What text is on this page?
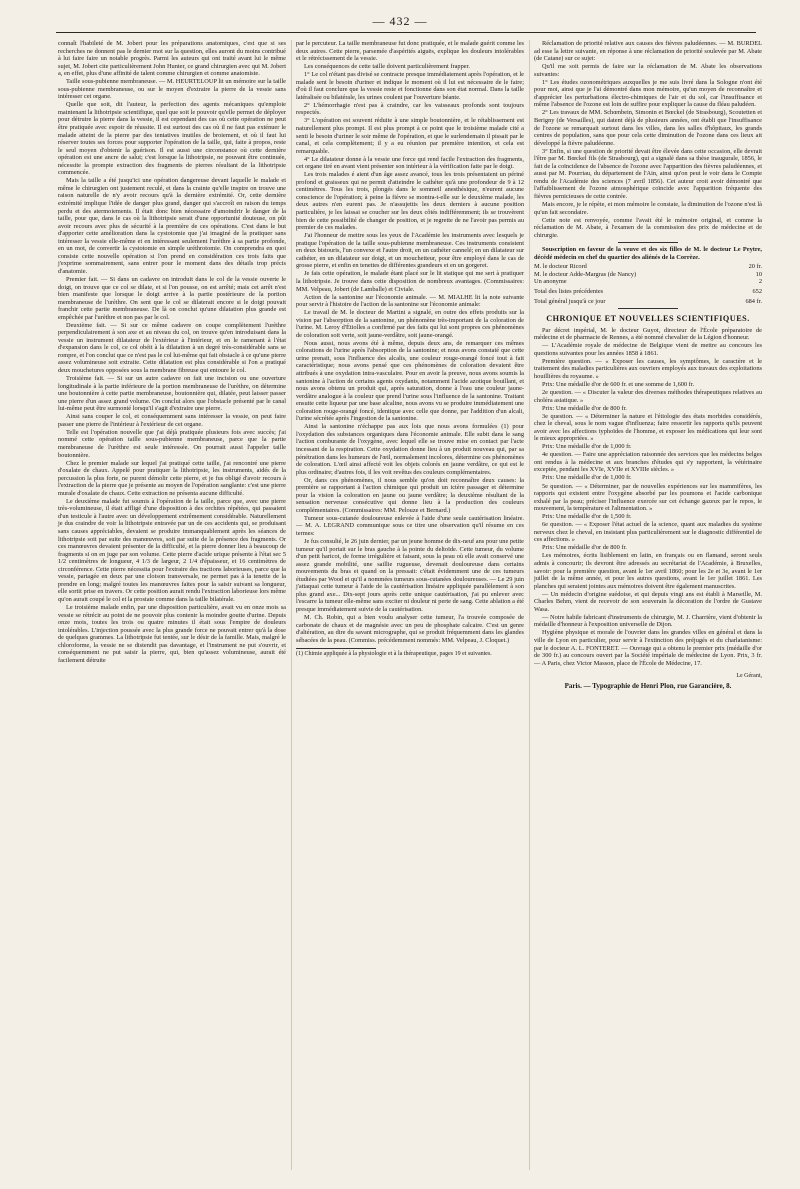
— 432 —

connaît l'habileté de M. Jobert pour les préparations anatomiques, c'est que si ses recherches ne donnent pas le dernier mot sur la question, elles auront du moins contribué à lui faire faire un notable progrès. Parmi les auteurs qui ont traité avant lui le même sujet, M. Jobert cite particulièrement John Hunter, ce grand chirurgien avec qui M. Jobert a, en effet, plus d'une affinité de talent comme chirurgien et comme anatomiste.

Taille sous-pubienne membraneuse. — M. HEURTELOUP lit un mémoire sur la taille sous-pubienne membraneuse, ou sur le moyen d'extraire la pierre de la vessie sans intéresser cet organe.

Quelle que soit, dit l'auteur, la perfection des agents mécaniques qu'emploie maintenant la lithotripsie scientifique, quel que soit le pouvoir qu'elle permet de déployer pour détruire la pierre dans la vessie, il est cependant des cas où cette opération ne peut être pratiquée avec espoir de réussite. Il est surtout des cas où il ne faut pas exténuer le malade atteint de la pierre par des tentatives inutiles de broiement, et où il faut lui réserver toutes ses forces pour supporter l'opération de la taille, qui, faite à propos, reste le seul moyen d'obtenir la guérison. Il est aussi une circonstance où cette dernière opération est une ancre de salut; c'est lorsque la lithotripsie, ne pouvant être continuée, nécessite la prompte extraction des fragments de pierres résultant de la lithotripsie commencée.

Mais la taille a été jusqu'ici une opération dangereuse devant laquelle le malade et même le chirurgien ont justement reculé, et dans la crainte qu'elle inspire on trouve une raison naturelle de n'y avoir recours qu'à la dernière extrémité. Or, cette dernière extrémité implique l'idée de danger plus grand, danger qui s'accroît en raison du temps perdu et des atermoiements. Il était donc bien nécessaire d'amoindrir le danger de la taille, pour que, dans le cas où la lithotripsie serait d'une opportunité douteuse, on pût avoir recours avec plus de sécurité à la première de ces opérations. C'est dans le but d'apporter cette amélioration dans la cystotomie que j'ai imaginé de la pratiquer sans intéresser la vessie elle-même et en intéressant seulement l'urèthre à sa partie profonde, en un mot, de convertir la cystotomie en simple uréthrotomie. On comprendra en quoi consiste cette nouvelle opération si l'on prend en considération ces trois faits que j'exprime sommairement, sans entrer pour le moment dans des détails trop précis d'anatomie.

Premier fait. — Si dans un cadavre on introduit dans le col de la vessie ouverte le doigt, on trouve que ce col se dilate, et si l'on pousse, on est arrêté; mais cet arrêt n'est bien manifeste que lorsque le doigt arrive à la partie postérieure de la portion membraneuse de l'urèthre. On sent que le col se dilaterait encore si le doigt pouvait franchir cette partie membraneuse. De là on conclut qu'une dilatation plus grande est empêchée par l'urèthre et non pas par le col.

Deuxième fait. — Si sur ce même cadavre on coupe complètement l'urèthre perpendiculairement à son axe et au niveau du col, on trouve qu'en introduisant dans la vessie un instrument dilatateur de l'extérieur à l'intérieur, et en le ramenant à l'état d'expansion dans le col, ce col obéit à la dilatation à un degré très-considérable sans se rompre, et l'on conclut que ce n'est pas le col lui-même qui fait obstacle à ce qu'une pierre assez volumineuse soit extraite. Cette dilatation est plus considérable si l'on a pratiqué deux mouchetures opposées sous la membrane fibreuse qui entoure le col.

Troisième fait. — Si sur un autre cadavre on fait une incision ou une ouverture longitudinale à la partie inférieure de la portion membraneuse de l'urèthre, on détermine une boutonnière à cette partie membraneuse, boutonnière qui, dilatée, peut laisser passer une pierre d'un assez grand volume. On conclut alors que l'obstacle présenté par le canal lui-même peut être surmonté lorsqu'il s'agit d'extraire une pierre.

Ainsi sans couper le col, et conséquemment sans intéresser la vessie, on peut faire passer une pierre de l'intérieur à l'extérieur de cet organe.

Telle est l'opération nouvelle que j'ai déjà pratiquée plusieurs fois avec succès; j'ai nommé cette opération taille sous-pubienne membraneuse, parce que la partie membraneuse de l'urèthre est seule intéressée. On pourrait aussi l'appeler taille boutonnière.

Chez le premier malade sur lequel j'ai pratiqué cette taille, j'ai rencontré une pierre d'oxalate de chaux. Appelé pour pratiquer la lithotripsie, les instruments, aidés de la percussion la plus forte, ne purent démolir cette pierre, et je fus obligé d'avoir recours à l'extraction de la pierre que je présente au moyen de l'opération sanglante: c'est une pierre murale d'oxalate de chaux. Cette extraction ne présenta aucune difficulté.

Le deuxième malade fut soumis à l'opération de la taille, parce que, avec une pierre très-volumineuse, il était affligé d'une disposition à des orchites répétées, qui passaient d'un testicule à l'autre avec un développement extrêmement considérable. Naturellement je dus craindre de voir la lithotripsie entravée par un de ces accidents qui, se produisant sans causes appréciables, devaient se produire immanquablement après les séances de lithotripsie soit par suite des manœuvres, soit par suite de la présence des fragments. Or ces manœuvres devaient présenter de la difficulté, et la pierre donner lieu à beaucoup de fragments si on en juge par son volume. Cette pierre d'acide urique présente à l'état sec 5 1/2 centimètres de longueur, 4 1/3 de largeur, 2 1/4 d'épaisseur, et 16 centimètres de circonférence. Cette pierre nécessita pour l'extraire des tractions laborieuses, parce que la vessie, partagée en deux par une cloison transversale, ne permet pas à la tenette de la prendre en long; malgré toutes les manœuvres faites pour la saisir suivant sa longueur, elle sortit prise en travers. Or cette position aurait rendu l'extraction laborieuse lors même qu'on aurait coupé le col et la prostate comme dans la taille bilatérale.

Le troisième malade enfin, par une disposition particulière, avait vu en onze mois sa vessie se rétrécir au point de ne pouvoir plus contenir la moindre goutte d'urine. Depuis onze mois, toutes les trois ou quatre minutes il était sous l'empire de douleurs intolérables. L'injection poussée avec la plus grande force ne pouvait entrer qu'à la dose de quelques grammes. La lithotripsie fut tentée, sur le désir de la famille. Mais, malgré le chloroforme, la vessie ne se distendit pas davantage, et l'instrument ne put s'ouvrir, et conséquemment ne put saisir la pierre, qui, bien qu'assez volumineuse, aurait été facilement détruite

par le percuteur. La taille membraneuse fut donc pratiquée, et le malade guérit comme les deux autres. Cette pierre, parsemée d'aspérités aiguës, explique les douleurs intolérables et le rétrécissement de la vessie.

Les conséquences de cette taille doivent particulièrement frapper.

1° Le col n'étant pas divisé se contracte presque immédiatement après l'opération, et le malade sent le besoin d'uriner et indique le moment où il lui est nécessaire de le faire; d'où il faut conclure que la vessie reste et fonctionne dans son état normal. Dans la taille latéralisée ou bilatérale, les urines coulent par l'ouverture béante.

2° L'hémorrhagie n'est pas à craindre, car les vaisseaux profonds sont toujours respectés.

3° L'opération est souvent réduite à une simple boutonnière, et le rétablissement est naturellement plus prompt. Il est plus prompt à ce point que le troisième malade cité a senti le besoin d'uriner le soir même de l'opération, et que le surlendemain il pissait par le canal, et cela complètement; il y a eu réunion par première intention, et cela est remarquable.

4° Le dilatateur donne à la vessie une force qui rend facile l'extraction des fragments, cet organe tiré en avant vient présenter son intérieur à la vérification faite par le doigt.

Les trois malades é aient d'un âge assez avancé, tous les trois présentaient un périné profond et graisseux qui ne permit d'atteindre le cathéter qu'à une profondeur de 9 à 12 centimètres. Tous les trois, plongés dans le sommeil anesthésique, n'eurent aucune conscience de l'opération; à peine la fièvre se montra-t-elle sur le deuxième malade, les deux autres n'en eurent pas. Je n'assujettis les deux derniers à aucune position particulière, je les laissai se coucher sur les deux côtés indifféremment; ils se trouvèrent bien de cette possibilité de changer de position, et je regrette de ne l'avoir pas permis au premier de ces malades.

J'ai l'honneur de mettre sous les yeux de l'Académie les instruments avec lesquels je pratique l'opération de la taille sous-pubienne membraneuse. Ces instruments consistent en deux bistouris, l'un convexe et l'autre droit, en un cathéter cannelé; en un dilatateur sur cathéter, en un dilatateur sur doigt, et un mouchetteur, pour être employé dans le cas de grosse pierre, et enfin en tenettes de différentes grandeurs et en un gorgeret.

Je fais cette opération, le malade étant placé sur le lit statique qui me sert à pratiquer la lithotripsie. Je trouve dans cette disposition de nombreux avantages. (Commissaires: MM. Velpeau, Jobert (de Lamballe) et Civiale.

Action de la santonine sur l'économie animale. — M. MIALHE lit la note suivante pour servir à l'histoire de l'action de la santonine sur l'économie animale:

Le travail de M. le docteur de Martini a signalé, en outre des effets produits sur la vision par l'absorption de la santonine, un phénomène très-important de la coloration de l'urine. M. Leroy d'Étiolles a confirmé par des faits qui lui sont propres ces phénomènes de coloration soit verte, soit jaune-verdâtre, soit jaune-orangé.

Nous aussi, nous avons été à même, depuis deux ans, de remarquer ces mêmes colorations de l'urine après l'absorption de la santonine; et nous avons constaté que cette urine prenait, sous l'influence des alcalis, une couleur rouge-orangé foncé tout à fait caractéristique; nous avons pensé que ces phénomènes de coloration devaient être attribués à une oxydation intra-vasculaire. Pour en avoir la preuve, nous avons soumis la santonine à l'action de certains agents oxydants, notamment l'acide azotique bouillant, et nous avons obtenu un produit qui, après saturation, donne à l'eau une couleur jaune-verdâtre analogue à la couleur que prend l'urine sous l'influence de la santonine. Traitant ensuite cette liqueur par une base alcaline, nous avons vu se produire immédiatement une coloration rouge-orangé foncé, identique avec celle que donne, par l'addition d'un alcali, l'urine sécrétée après l'ingestion de la santonine.

Ainsi la santonine n'échappe pas aux lois que nous avons formulées (1) pour l'oxydation des substances organiques dans l'économie animale. Elle subit dans le sang l'action comburante de l'oxygène, avec lequel elle se trouve mise en contact par l'acte incessant de la respiration. Cette oxydation donne lieu à un produit nouveau qui, par sa pénétration dans les humeurs de l'œil, normalement incolores, détermine ces phénomènes de coloration. L'œil ainsi affecté voit les objets colorés en jaune verdâtre, ce qui est le plus ordinaire; d'autres fois, il les voit revêtus des couleurs complémentaires.

Or, dans ces phénomènes, il nous semble qu'on doit reconnaître deux causes: la première se rapportant à l'action chimique qui produit un ictère passager et détermine pour la vision la coloration en jaune ou jaune verdâtre; la deuxième résultant de la sensation nerveuse consécutive qui donne lieu à la production des couleurs complémentaires. (Commissaires: MM. Pelouze et Bernard.)

Tumeur sous-cutanée douloureuse enlevée à l'aide d'une seule cautérisation linéaire. — M. A. LEGRAND communique sous ce titre une observation qu'il résume en ces termes:

Je fus consulté, le 26 juin dernier, par un jeune homme de dix-neuf ans pour une petite tumeur qu'il portait sur le bras gauche à la pointe du deltoïde. Cette tumeur, du volume d'un petit haricot, de forme irrégulière et faisant, sous la peau où elle avait conservé une assez grande mobilité, une saillie rugueuse, devenait douloureuse dans certains mouvements du bras et quand on la pressait: c'était évidemment une de ces tumeurs étudiées par Wood et qu'il a nommées tumeurs sous-cutanées douloureuses. — Le 29 juin j'attaquai cette tumeur à l'aide de la cautérisation linéaire appliquée parallèlement à son plus grand axe... Dix-sept jours après cette unique cautérisation, j'ai pu enlever avec l'escarre la tumeur elle-même sans exciter ni douleur ni perte de sang. Cette ablation a été presque immédiatement suivie de la cautérisation.

M. Ch. Robin, qui a bien voulu analyser cette tumeur, l'a trouvée composée de carbonate de chaux et de magnésie avec un peu de phosphate calcaire. C'est un genre d'altération, au dire du savant micrographe, qui se produit fréquemment dans les glandes sébacées de la peau. (Commiss. précédemment nommés: MM. Velpeau, J. Cloquet.)

(1) Chimie appliquée à la physiologie et à la thérapeutique, pages 19 et suivantes.

Réclamation de priorité relative aux causes des fièvres paludéennes. — M. BURDEL ad esse la lettre suivante, en réponse à une réclamation de priorité soulevée par M. Abate (de Catane) sur ce sujet:

Qu'il me soit permis de faire sur la réclamation de M. Abate les observations suivantes:

1° Les études ozonométriques auxquelles je me suis livré dans la Sologne n'ont été pour moi, ainsi que je l'ai démontré dans mon mémoire, qu'un moyen de reconnaître et d'apprécier les perturbations électro-chimiques de l'air et du sol, car l'insuffisance et même l'absence de l'ozone est loin de suffire pour expliquer la cause du fléau paludéen.

2° Les travaux de MM. Schœnbein, Simonin et Bœckel (de Strasbourg), Scoutetten et Berigny (de Versailles), qui datent déjà de plusieurs années, ont établi que l'insuffisance de l'ozone se remarquait surtout dans les villes, dans les salles d'hôpitaux, les grands centres de population, sans que pour cela cette diminution de l'ozone dans ces lieux ait développé la fièvre paludéenne.

3° Enfin, si une question de priorité devait être élevée dans cette occasion, elle devrait l'être par M. Bœckel fils (de Strasbourg), qui a signalé dans sa thèse inaugurale, 1856, le fait de la coïncidence de l'absence de l'ozone avec l'apparition des fièvres paludéennes, et aussi par M. Pourriau, du département de l'Ain, ainsi qu'on peut le voir dans le Compte rendu de l'Académie des sciences (7 avril 1856). Cet auteur croit avoir démontré que l'affaiblissement de l'ozone atmosphérique coïncide avec l'apparition fréquente des fièvres pernicieuses de cette contrée.

Mais encore, je le répète, et mon mémoire le constate, la diminution de l'ozone n'est là qu'un fait secondaire.

Cette note est renvoyée, comme l'avait été le mémoire original, et comme la réclamation de M. Abate, à l'examen de la commission des prix de médecine et de chirurgie.

Souscription en faveur de la veuve et des six filles de M. le docteur Le Peytre, décédé médecin en chef du quartier des aliénés de la Corrèze.

M. le docteur Ricord	20 fr.
M. le docteur Adde-Margras (de Nancy)	10
Un anonyme	2
Total des listes précédentes	652
Total général jusqu'à ce jour	684 fr.
CHRONIQUE ET NOUVELLES SCIENTIFIQUES.

Par décret impérial, M. le docteur Guyot, directeur de l'École préparatoire de médecine et de pharmacie de Rennes, a été nommé chevalier de la Légion d'honneur.

— L'Académie royale de médecine de Belgique vient de mettre au concours les questions suivantes pour les années 1858 à 1861.

Première question. — « Exposer les causes, les symptômes, le caractère et le traitement des maladies particulières aux ouvriers employés aux travaux des exploitations houillières du royaume. »

Prix: Une médaille d'or de 600 fr. et une somme de 1,600 fr.

2e question. — « Discuter la valeur des diverses méthodes thérapeutiques relatives au choléra asiatique. »

Prix: Une médaille d'or de 800 fr.

3e question. — « Déterminer la nature et l'étiologie des états morbides considérés, chez le cheval, sous le nom vague d'influenza; faire ressortir les rapports qu'ils peuvent avoir avec les affections typhoïdes de l'homme, et exposer les médications qui leur sont le mieux appropriées. »

Prix: Une médaille d'or de 1,000 fr.

4e question. — Faire une appréciation raisonnée des services que les médecins belges ont rendus à la médecine et aux branches d'études qui s'y rapportent, la vétérinaire exceptée, pendant les XVIe, XVIIe et XVIIIe siècles. »

Prix: Une médaille d'or de 1,000 fr.

5e question. — « Déterminer, par de nouvelles expériences sur les mammifères, les rapports qui existent entre l'oxygène absorbé par les poumons et l'acide carbonique exhalé par la peau; préciser l'influence exercée sur cet échange gazeux par le repos, le mouvement, la température et l'alimentation. »

Prix: Une médaille d'or de 1,500 fr.

6e question. — « Exposer l'état actuel de la science, quant aux maladies du système nerveux chez le cheval, en insistant plus particulièrement sur le diagnostic différentiel de ces affections. »

Prix: Une médaille d'or de 800 fr.

Les mémoires, écrits lisiblement en latin, en français ou en flamand, seront seuls admis à concourir; ils devront être adressés au secrétariat de l'Académie, à Bruxelles, savoir: pour la première question, avant le 1er avril 1860; pour les 2e et 3e, avant le 1er juillet de la même année, et pour les autres questions, avant le 1er juillet 1861. Les planches qui seraient jointes aux mémoires doivent être également manuscrites.

— Un médecin d'origine suédoise, et qui depuis vingt ans est établi à Marseille, M. Charles Behm, vient de recevoir de son souverain la décoration de l'ordre de Gustave Wasa.

— Notre habile fabricant d'instruments de chirurgie, M. J. Charrière, vient d'obtenir la médaille d'honneur à l'exposition universelle de Dijon.

Hygiène physique et morale de l'ouvrier dans les grandes villes en général et dans la ville de Lyon en particulier, pour servir à l'extinction des préjugés et du charlatanisme: par le docteur A. L. FONTERET. — Ouvrage qui a obtenu le premier prix (médaille d'or de 300 fr.) au concours ouvert par la Société impériale de médecine de Lyon. Prix, 3 fr. — A Paris, chez Victor Masson, place de l'École de Médecine, 17.

Le Gérant,
Paris. — Typographie de Henri Plon, rue Garancière, 8.
